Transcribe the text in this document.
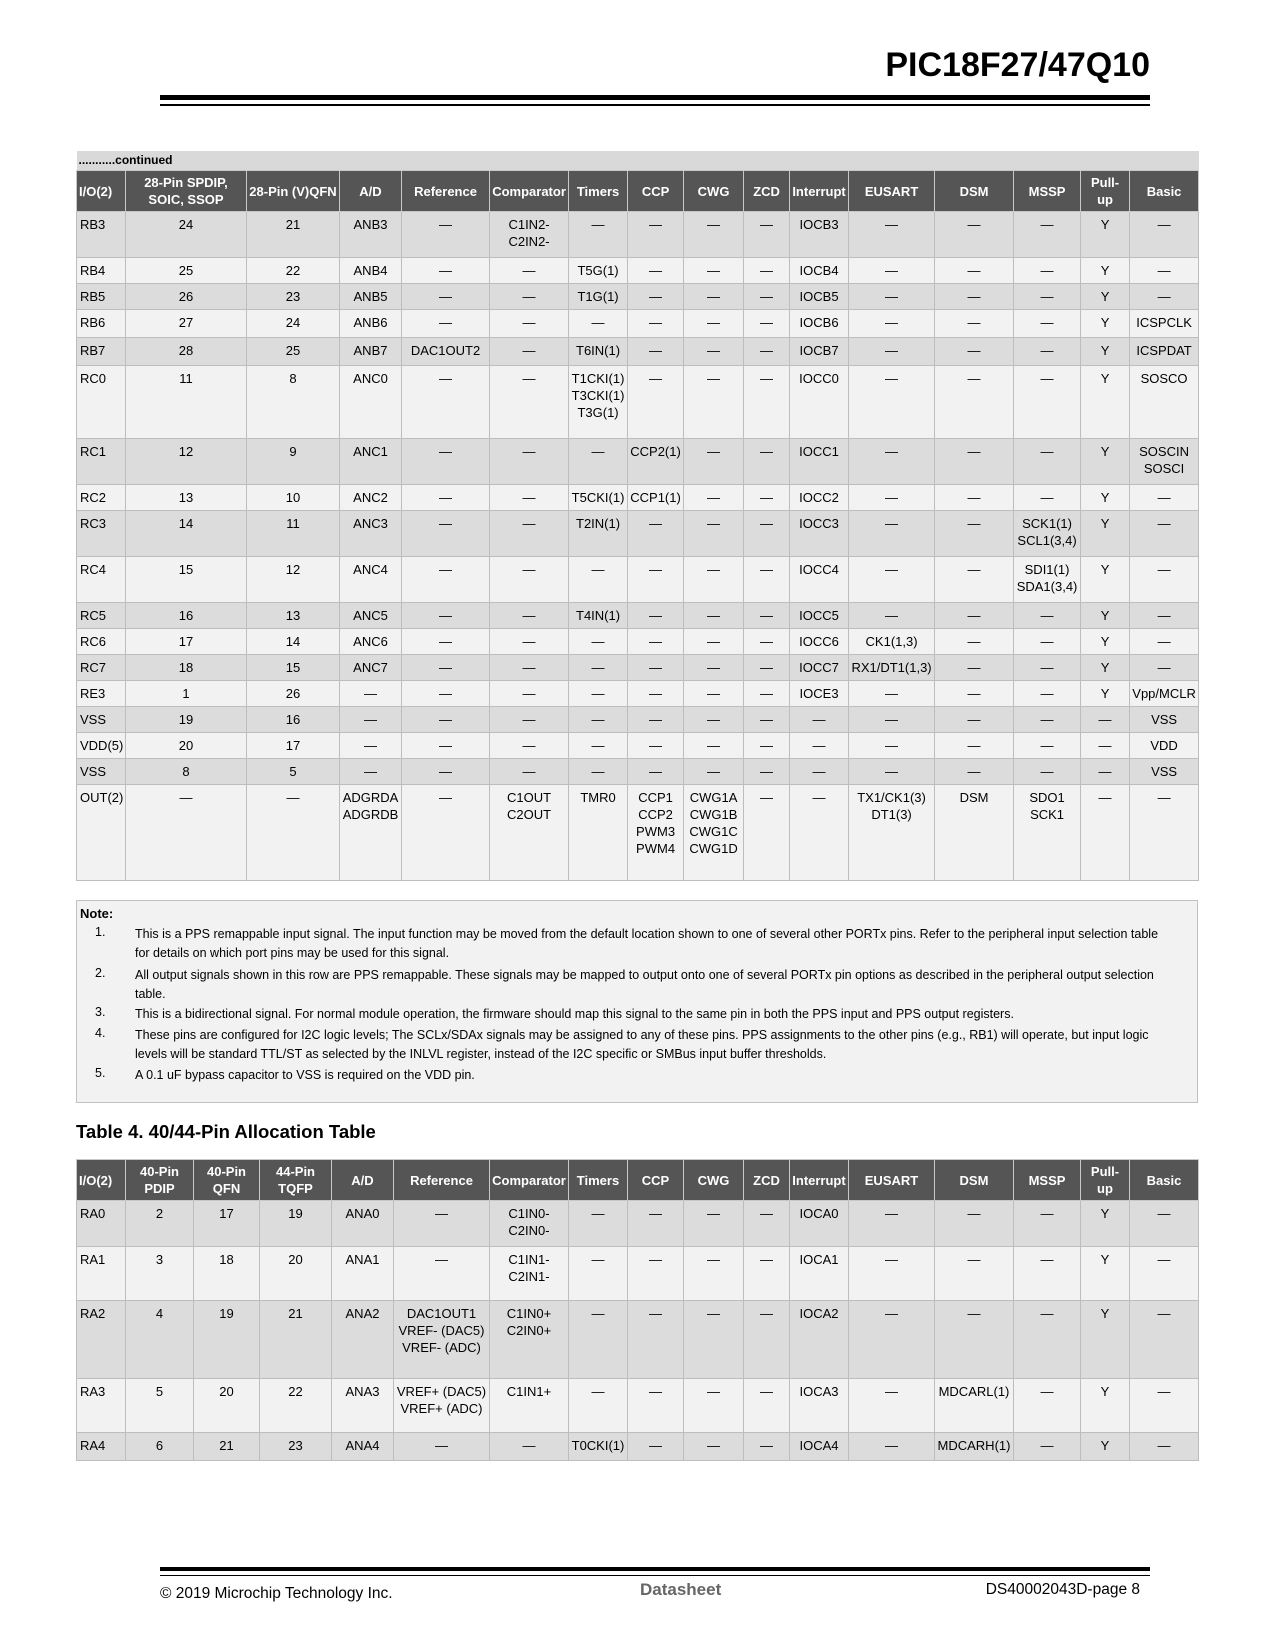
PIC18F27/47Q10
...........continued															
I/O(2)	28-Pin SPDIP, SOIC, SSOP	28-Pin (V)QFN	A/D	Reference	Comparator	Timers	CCP	CWG	ZCD	Interrupt	EUSART	DSM	MSSP	Pull-up	Basic

RB3	24	21	ANB3	—	C1IN2-
C2IN2-	—	—	—	—	IOCB3	—	—	—	Y	—

RB4	25	22	ANB4	—	—	T5G(1)	—	—	—	IOCB4	—	—	—	Y	—

RB5	26	23	ANB5	—	—	T1G(1)	—	—	—	IOCB5	—	—	—	Y	—

RB6	27	24	ANB6	—	—	—	—	—	—	IOCB6	—	—	—	Y	ICSPCLK

RB7	28	25	ANB7	DAC1OUT2	—	T6IN(1)	—	—	—	IOCB7	—	—	—	Y	ICSPDAT

RC0	11	8	ANC0	—	—	T1CKI(1)
T3CKI(1)
T3G(1)	—	—	—	IOCC0	—	—	—	Y	SOSCO

RC1	12	9	ANC1	—	—	—	CCP2(1)	—	—	IOCC1	—	—	—	Y	SOSCIN
SOSCI

RC2	13	10	ANC2	—	—	T5CKI(1)	CCP1(1)	—	—	IOCC2	—	—	—	Y	—

RC3	14	11	ANC3	—	—	T2IN(1)	—	—	—	IOCC3	—	—	SCK1(1)
SCL1(3,4)	Y	—

RC4	15	12	ANC4	—	—	—	—	—	—	IOCC4	—	—	SDI1(1)
SDA1(3,4)	Y	—

RC5	16	13	ANC5	—	—	T4IN(1)	—	—	—	IOCC5	—	—	—	Y	—

RC6	17	14	ANC6	—	—	—	—	—	—	IOCC6	CK1(1,3)	—	—	Y	—

RC7	18	15	ANC7	—	—	—	—	—	—	IOCC7	RX1/DT1(1,3)	—	—	Y	—

RE3	1	26	—	—	—	—	—	—	—	IOCE3	—	—	—	Y	Vpp/MCLR

VSS	19	16	—	—	—	—	—	—	—	—	—	—	—	—	VSS

VDD(5)	20	17	—	—	—	—	—	—	—	—	—	—	—	—	VDD

VSS	8	5	—	—	—	—	—	—	—	—	—	—	—	—	VSS

OUT(2)	—	—	ADGRDA
ADGRDB	—	C1OUT
C2OUT	TMR0	CCP1
CCP2
PWM3
PWM4	CWG1A
CWG1B
CWG1C
CWG1D	—	—	TX1/CK1(3)
DT1(3)	DSM	SDO1
SCK1	—	—
Note:
1.	This is a PPS remappable input signal. The input function may be moved from the default location shown to one of several other PORTx pins. Refer to the peripheral input selection table for details on which port pins may be used for this signal.
2.	All output signals shown in this row are PPS remappable. These signals may be mapped to output onto one of several PORTx pin options as described in the peripheral output selection table.
3.	This is a bidirectional signal. For normal module operation, the firmware should map this signal to the same pin in both the PPS input and PPS output registers.
4.	These pins are configured for I2C logic levels; The SCLx/SDAx signals may be assigned to any of these pins. PPS assignments to the other pins (e.g., RB1) will operate, but input logic levels will be standard TTL/ST as selected by the INLVL register, instead of the I2C specific or SMBus input buffer thresholds.
5.	A 0.1 uF bypass capacitor to VSS is required on the VDD pin.
Table 4. 40/44-Pin Allocation Table
I/O(2)	40-Pin PDIP	40-Pin QFN	44-Pin TQFP	A/D	Reference	Comparator	Timers	CCP	CWG	ZCD	Interrupt	EUSART	DSM	MSSP	Pull-up	Basic

RA0	2	17	19	ANA0	—	C1IN0-
C2IN0-	—	—	—	—	IOCA0	—	—	—	Y	—

RA1	3	18	20	ANA1	—	C1IN1-
C2IN1-	—	—	—	—	IOCA1	—	—	—	Y	—

RA2	4	19	21	ANA2	DAC1OUT1
VREF- (DAC5)
VREF- (ADC)	C1IN0+
C2IN0+	—	—	—	—	IOCA2	—	—	—	Y	—

RA3	5	20	22	ANA3	VREF+ (DAC5)
VREF+ (ADC)	C1IN1+	—	—	—	—	IOCA3	—	MDCARL(1)	—	Y	—

RA4	6	21	23	ANA4	—	—	T0CKI(1)	—	—	—	IOCA4	—	MDCARH(1)	—	Y	—
© 2019 Microchip Technology Inc.	Datasheet	DS40002043D-page 8
